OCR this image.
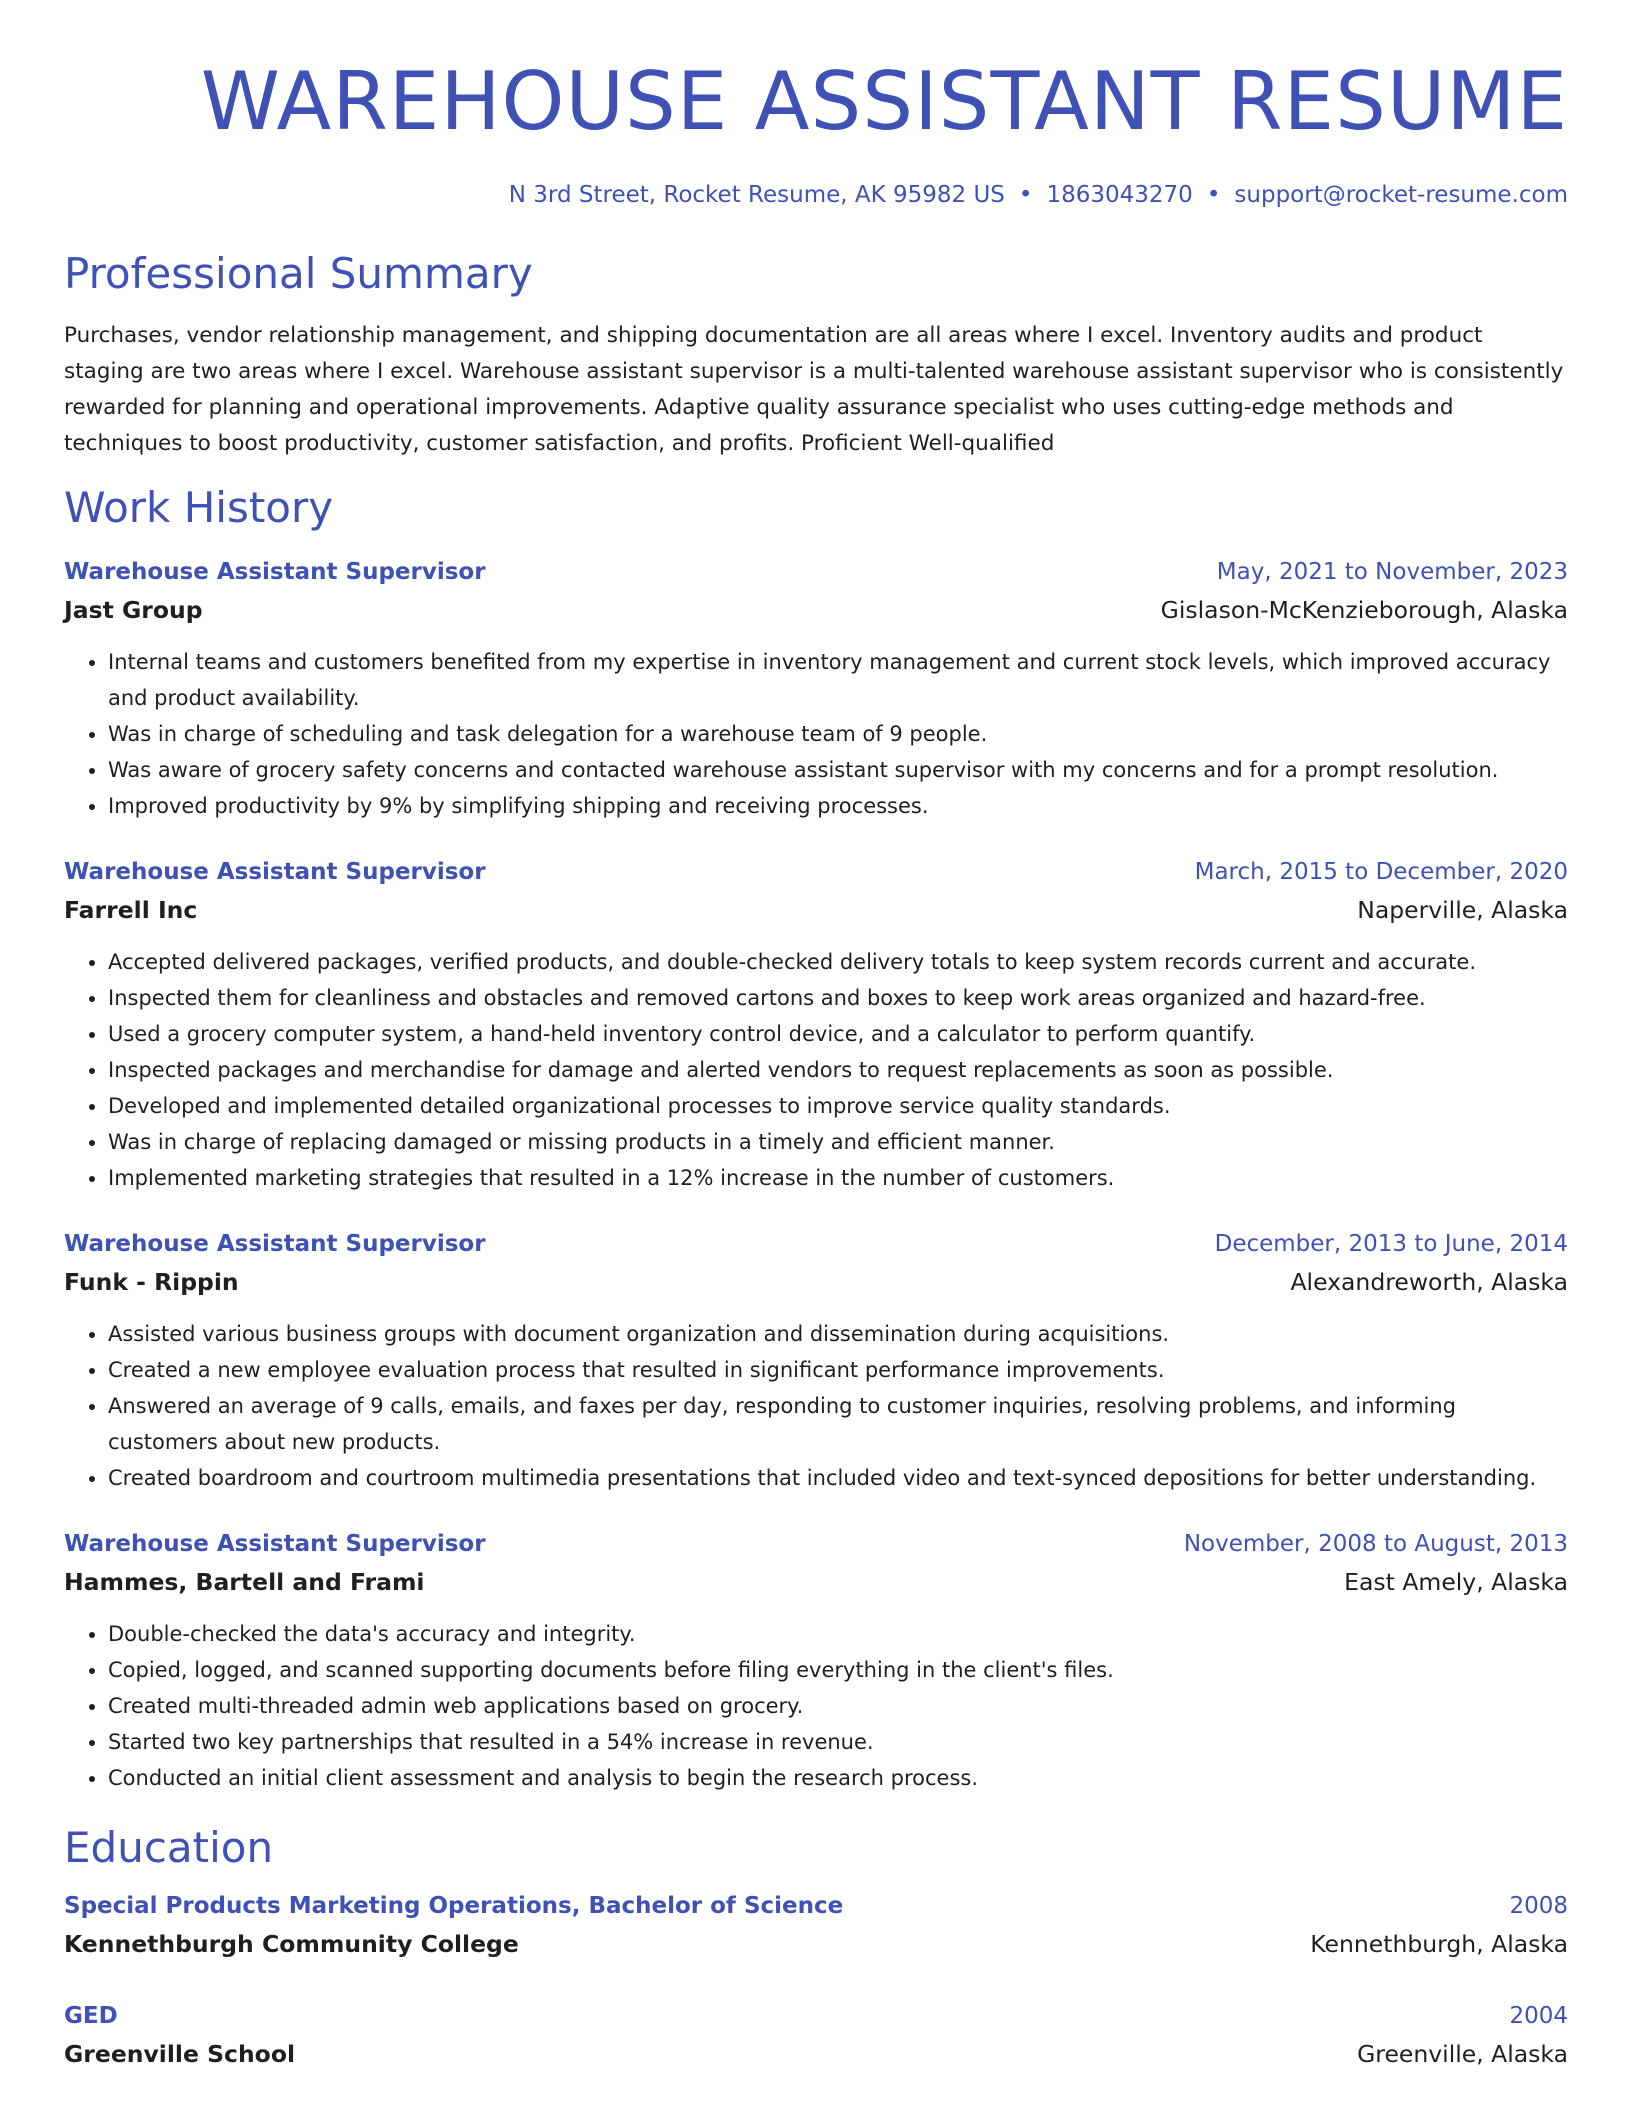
WAREHOUSE ASSISTANT RESUME
N 3rd Street, Rocket Resume, AK 95982 US • 1863043270 • support@rocket-resume.com
Professional Summary
Purchases, vendor relationship management, and shipping documentation are all areas where I excel. Inventory audits and product staging are two areas where I excel. Warehouse assistant supervisor is a multi-talented warehouse assistant supervisor who is consistently rewarded for planning and operational improvements. Adaptive quality assurance specialist who uses cutting-edge methods and techniques to boost productivity, customer satisfaction, and profits. Proficient Well-qualified
Work History
Warehouse Assistant Supervisor	May, 2021 to November, 2023
Jast Group	Gislason-McKenzieborough, Alaska
• Internal teams and customers benefited from my expertise in inventory management and current stock levels, which improved accuracy and product availability.
• Was in charge of scheduling and task delegation for a warehouse team of 9 people.
• Was aware of grocery safety concerns and contacted warehouse assistant supervisor with my concerns and for a prompt resolution.
• Improved productivity by 9% by simplifying shipping and receiving processes.
Warehouse Assistant Supervisor	March, 2015 to December, 2020
Farrell Inc	Naperville, Alaska
• Accepted delivered packages, verified products, and double-checked delivery totals to keep system records current and accurate.
• Inspected them for cleanliness and obstacles and removed cartons and boxes to keep work areas organized and hazard-free.
• Used a grocery computer system, a hand-held inventory control device, and a calculator to perform quantify.
• Inspected packages and merchandise for damage and alerted vendors to request replacements as soon as possible.
• Developed and implemented detailed organizational processes to improve service quality standards.
• Was in charge of replacing damaged or missing products in a timely and efficient manner.
• Implemented marketing strategies that resulted in a 12% increase in the number of customers.
Warehouse Assistant Supervisor	December, 2013 to June, 2014
Funk - Rippin	Alexandreworth, Alaska
• Assisted various business groups with document organization and dissemination during acquisitions.
• Created a new employee evaluation process that resulted in significant performance improvements.
• Answered an average of 9 calls, emails, and faxes per day, responding to customer inquiries, resolving problems, and informing customers about new products.
• Created boardroom and courtroom multimedia presentations that included video and text-synced depositions for better understanding.
Warehouse Assistant Supervisor	November, 2008 to August, 2013
Hammes, Bartell and Frami	East Amely, Alaska
• Double-checked the data's accuracy and integrity.
• Copied, logged, and scanned supporting documents before filing everything in the client's files.
• Created multi-threaded admin web applications based on grocery.
• Started two key partnerships that resulted in a 54% increase in revenue.
• Conducted an initial client assessment and analysis to begin the research process.
Education
Special Products Marketing Operations, Bachelor of Science	2008
Kennethburgh Community College	Kennethburgh, Alaska
GED	2004
Greenville School	Greenville, Alaska
